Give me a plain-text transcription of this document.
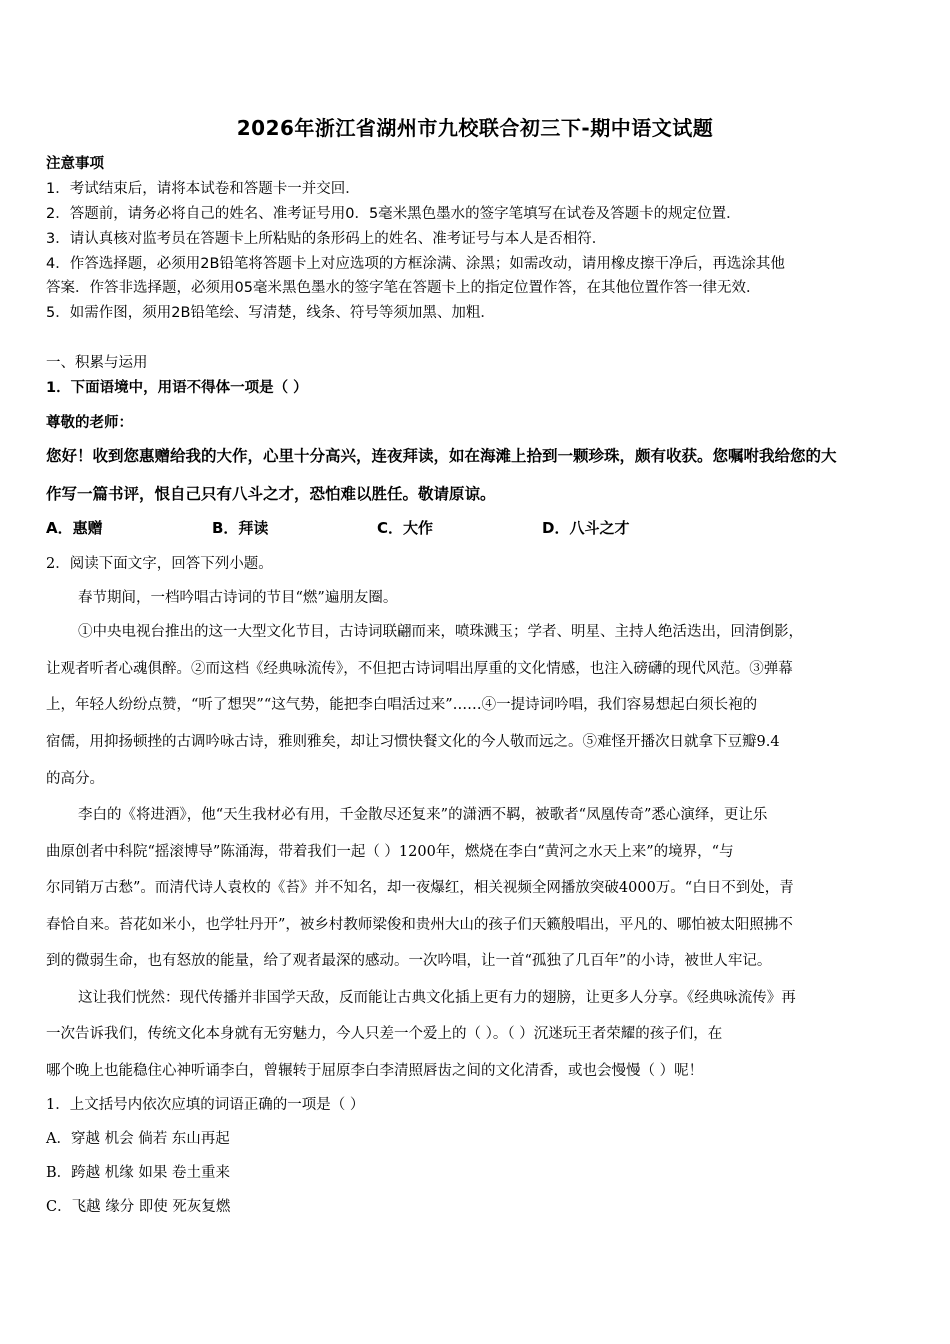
2026年浙江省湖州市九校联合初三下-期中语文试题
注意事项
1．考试结束后，请将本试卷和答题卡一并交回．
2．答题前，请务必将自己的姓名、准考证号用0．5毫米黑色墨水的签字笔填写在试卷及答题卡的规定位置．
3．请认真核对监考员在答题卡上所粘贴的条形码上的姓名、准考证号与本人是否相符．
4．作答选择题，必须用2B铅笔将答题卡上对应选项的方框涂满、涂黑；如需改动，请用橡皮擦干净后，再选涂其他
答案．作答非选择题，必须用05毫米黑色墨水的签字笔在答题卡上的指定位置作答，在其他位置作答一律无效．
5．如需作图，须用2B铅笔绘、写清楚，线条、符号等须加黑、加粗．
一、积累与运用
1．下面语境中，用语不得体一项是（ ）
尊敬的老师：
您好！收到您惠赠给我的大作，心里十分高兴，连夜拜读，如在海滩上拾到一颗珍珠，颇有收获。您嘱咐我给您的大
作写一篇书评，恨自己只有八斗之才，恐怕难以胜任。敬请原谅。
A．惠赠	B．拜读	C．大作	D．八斗之才
2．阅读下面文字，回答下列小题。
春节期间，一档吟唱古诗词的节目“燃”遍朋友圈。
①中央电视台推出的这一大型文化节目，古诗词联翩而来，喷珠溅玉；学者、明星、主持人绝活迭出，回清倒影，
让观者听者心魂俱醉。②而这档《经典咏流传》，不但把古诗词唱出厚重的文化情感，也注入磅礴的现代风范。③弹幕
上，年轻人纷纷点赞，“听了想哭”“这气势，能把李白唱活过来”……④一提诗词吟唱，我们容易想起白须长袍的
宿儒，用抑扬顿挫的古调吟咏古诗，雅则雅矣，却让习惯快餐文化的今人敬而远之。⑤难怪开播次日就拿下豆瓣9.4
的高分。
李白的《将进酒》，他“天生我材必有用，千金散尽还复来”的潇洒不羁，被歌者“凤凰传奇”悉心演绎，更让乐
曲原创者中科院“摇滚博导”陈涌海，带着我们一起（ ）1200年，燃烧在李白“黄河之水天上来”的境界，“与
尔同销万古愁”。而清代诗人袁枚的《苔》并不知名，却一夜爆红，相关视频全网播放突破4000万。“白日不到处，青
春恰自来。苔花如米小，也学牡丹开”，被乡村教师梁俊和贵州大山的孩子们天籁般唱出，平凡的、哪怕被太阳照拂不
到的微弱生命，也有怒放的能量，给了观者最深的感动。一次吟唱，让一首“孤独了几百年”的小诗，被世人牢记。
这让我们恍然：现代传播并非国学天敌，反而能让古典文化插上更有力的翅膀，让更多人分享。《经典咏流传》再
一次告诉我们，传统文化本身就有无穷魅力，今人只差一个爱上的（ ）。（ ）沉迷玩王者荣耀的孩子们，在
哪个晚上也能稳住心神听诵李白，曾辗转于屈原李白李清照唇齿之间的文化清香，或也会慢慢（ ）呢！
1．上文括号内依次应填的词语正确的一项是（ ）
A．穿越 机会 倘若 东山再起
B．跨越 机缘 如果 卷土重来
C．飞越 缘分 即使 死灰复燃
